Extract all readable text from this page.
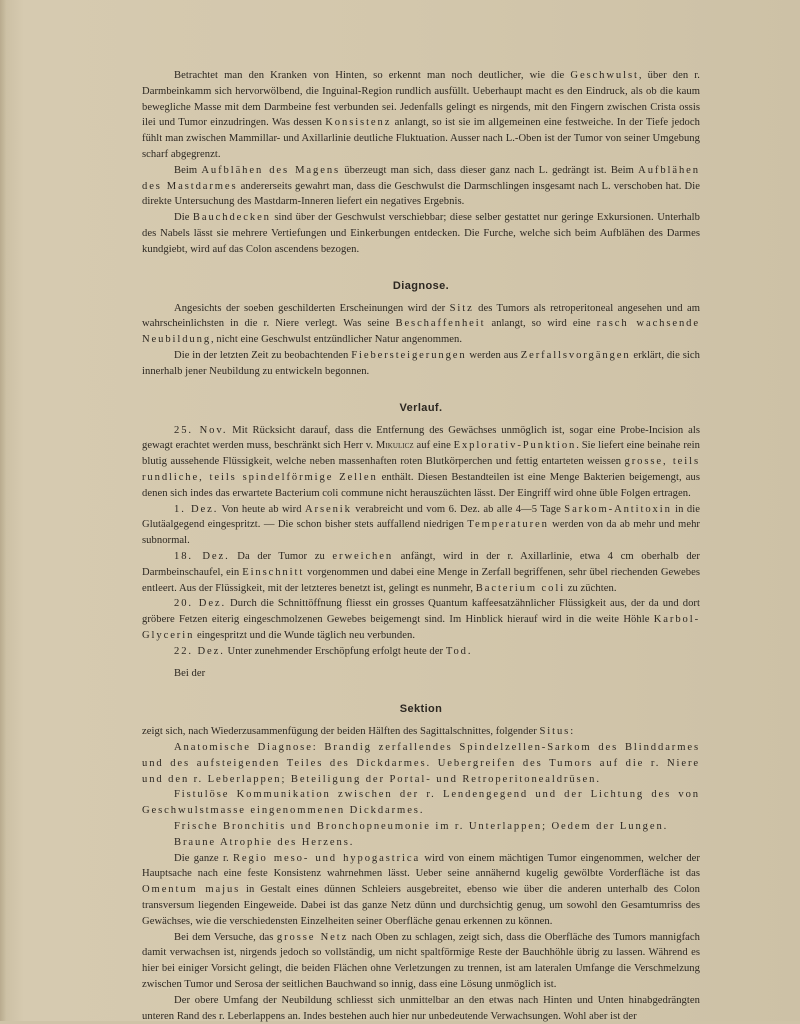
Betrachtet man den Kranken von Hinten, so erkennt man noch deutlicher, wie die Geschwulst, über den r. Darmbeinkamm sich hervorwölbend, die Inguinal-Region rundlich ausfüllt. Ueberhaupt macht es den Eindruck, als ob die kaum bewegliche Masse mit dem Darmbeine fest verbunden sei. Jedenfalls gelingt es nirgends, mit den Fingern zwischen Crista ossis ilei und Tumor einzudringen. Was dessen Konsistenz anlangt, so ist sie im allgemeinen eine festweiche. In der Tiefe jedoch fühlt man zwischen Mammillar- und Axillarlinie deutliche Fluktuation. Ausser nach L.-Oben ist der Tumor von seiner Umgebung scharf abgegrenzt.

Beim Aufblähen des Magens überzeugt man sich, dass dieser ganz nach L. gedrängt ist. Beim Aufblähen des Mastdarmes andererseits gewahrt man, dass die Geschwulst die Darmschlingen insgesamt nach L. verschoben hat. Die direkte Untersuchung des Mastdarm-Inneren liefert ein negatives Ergebnis.

Die Bauchdecken sind über der Geschwulst verschiebbar; diese selber gestattet nur geringe Exkursionen. Unterhalb des Nabels lässt sie mehrere Vertiefungen und Einkerbungen entdecken. Die Furche, welche sich beim Aufblähen des Darmes kundgiebt, wird auf das Colon ascendens bezogen.

Diagnose.

Angesichts der soeben geschilderten Erscheinungen wird der Sitz des Tumors als retroperitoneal angesehen und am wahrscheinlichsten in die r. Niere verlegt. Was seine Beschaffenheit anlangt, so wird eine rasch wachsende Neubildung, nicht eine Geschwulst entzündlicher Natur angenommen.

Die in der letzten Zeit zu beobachtenden Fiebersteigerungen werden aus Zerfallsvorgängen erklärt, die sich innerhalb jener Neubildung zu entwickeln begonnen.

Verlauf.

25. Nov. Mit Rücksicht darauf, dass die Entfernung des Gewächses unmöglich ist, sogar eine Probe-Incision als gewagt erachtet werden muss, beschränkt sich Herr v. Mikulicz auf eine Explorativ-Punktion. Sie liefert eine beinahe rein blutig aussehende Flüssigkeit, welche neben massenhaften roten Blutkörperchen und fettig entarteten weissen grosse, teils rundliche, teils spindelförmige Zellen enthält. Diesen Bestandteilen ist eine Menge Bakterien beigemengt, aus denen sich indes das erwartete Bacterium coli commune nicht herauszüchten lässt. Der Eingriff wird ohne üble Folgen ertragen.

1. Dez. Von heute ab wird Arsenik verabreicht und vom 6. Dez. ab alle 4—5 Tage Sarkom-Antitoxin in die Glutäalgegend eingespritzt. — Die schon bisher stets auffallend niedrigen Temperaturen werden von da ab mehr und mehr subnormal.

18. Dez. Da der Tumor zu erweichen anfängt, wird in der r. Axillarlinie, etwa 4 cm oberhalb der Darmbeinschaufel, ein Einschnitt vorgenommen und dabei eine Menge in Zerfall begriffenen, sehr übel riechenden Gewebes entleert. Aus der Flüssigkeit, mit der letzteres benetzt ist, gelingt es nunmehr, Bacterium coli zu züchten.

20. Dez. Durch die Schnittöffnung fliesst ein grosses Quantum kaffeesatzähnlicher Flüssigkeit aus, der da und dort gröbere Fetzen eiterig eingeschmolzenen Gewebes beigemengt sind. Im Hinblick hierauf wird in die weite Höhle Karbol-Glycerin eingespritzt und die Wunde täglich neu verbunden.

22. Dez. Unter zunehmender Erschöpfung erfolgt heute der Tod.

Bei der

Sektion

zeigt sich, nach Wiederzusammenfügung der beiden Hälften des Sagittalschnittes, folgender Situs:

Anatomische Diagnose: Brandig zerfallendes Spindelzellen-Sarkom des Blinddarmes und des aufsteigenden Teiles des Dickdarmes. Uebergreifen des Tumors auf die r. Niere und den r. Leberlappen; Beteiligung der Portal- und Retroperitonealdrüsen.

Fistulöse Kommunikation zwischen der r. Lendengegend und der Lichtung des von Geschwulstmasse eingenommenen Dickdarmes.

Frische Bronchitis und Bronchopneumonie im r. Unterlappen; Oedem der Lungen.

Braune Atrophie des Herzens.

Die ganze r. Regio meso- und hypogastrica wird von einem mächtigen Tumor eingenommen, welcher der Hauptsache nach eine feste Konsistenz wahrnehmen lässt. Ueber seine annähernd kugelig gewölbte Vorderfläche ist das Omentum majus in Gestalt eines dünnen Schleiers ausgebreitet, ebenso wie über die anderen unterhalb des Colon transversum liegenden Eingeweide. Dabei ist das ganze Netz dünn und durchsichtig genug, um sowohl den Gesamtumriss des Gewächses, wie die verschiedensten Einzelheiten seiner Oberfläche genau erkennen zu können.

Bei dem Versuche, das grosse Netz nach Oben zu schlagen, zeigt sich, dass die Oberfläche des Tumors mannigfach damit verwachsen ist, nirgends jedoch so vollständig, um nicht spaltförmige Reste der Bauchhöhle übrig zu lassen. Während es hier bei einiger Vorsicht gelingt, die beiden Flächen ohne Verletzungen zu trennen, ist am lateralen Umfange die Verschmelzung zwischen Tumor und Serosa der seitlichen Bauchwand so innig, dass eine Lösung unmöglich ist.

Der obere Umfang der Neubildung schliesst sich unmittelbar an den etwas nach Hinten und Unten hinabgedrängten unteren Rand des r. Leberlappens an. Indes bestehen auch hier nur unbedeutende Verwachsungen. Wohl aber ist der
